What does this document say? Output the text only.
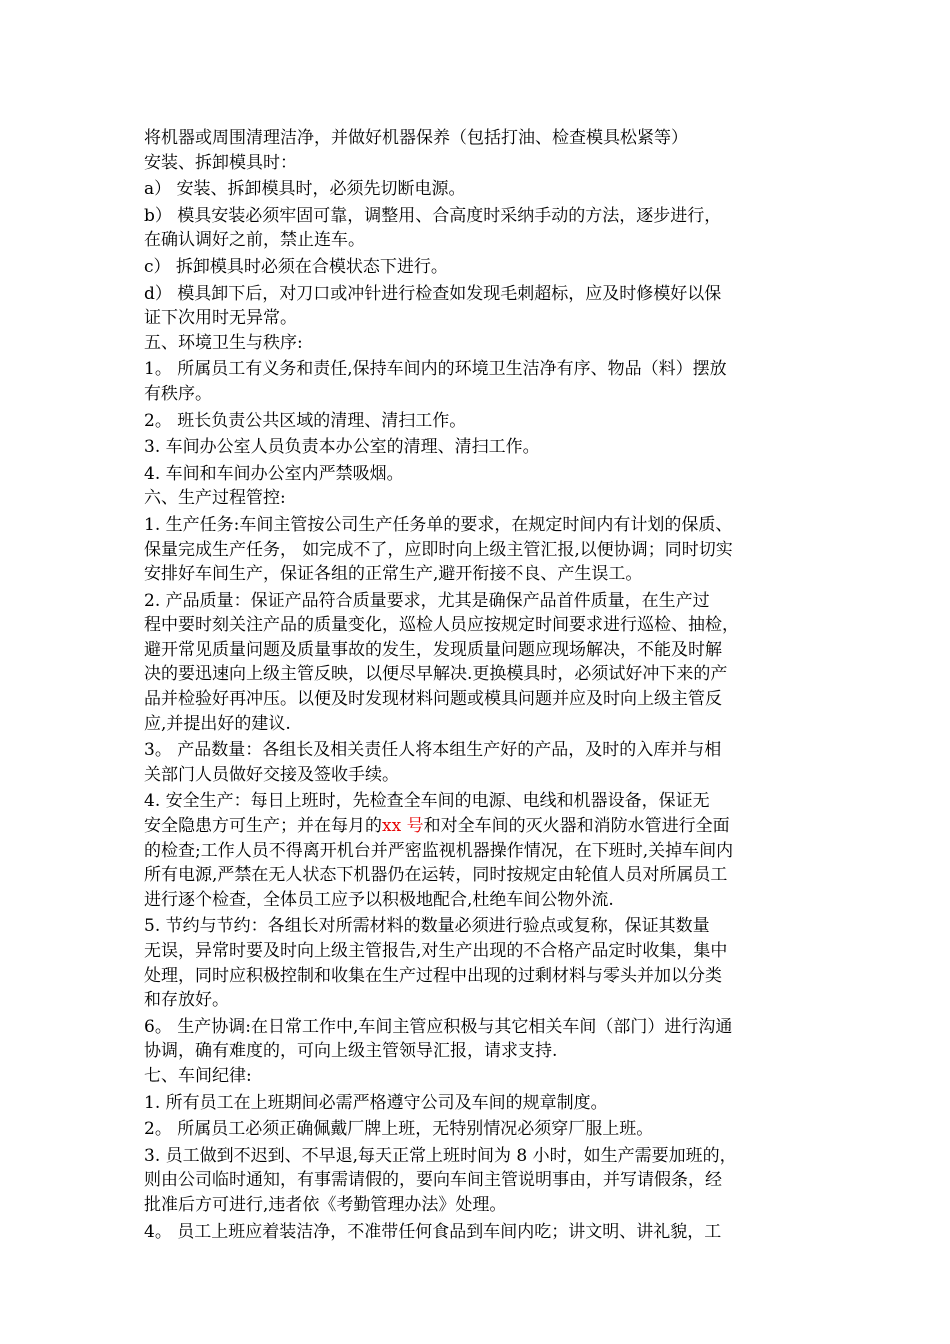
将机器或周围清理洁净，并做好机器保养（包括打油、检查模具松紧等）
安装、拆卸模具时：
a） 安装、拆卸模具时，必须先切断电源。
b） 模具安装必须牢固可靠，调整用、合高度时采纳手动的方法，逐步进行，
在确认调好之前，禁止连车。
c） 拆卸模具时必须在合模状态下进行。
d） 模具卸下后，对刀口或冲针进行检查如发现毛刺超标，应及时修模好以保
证下次用时无异常。
五、环境卫生与秩序:
1。 所属员工有义务和责任,保持车间内的环境卫生洁净有序、物品（料）摆放
有秩序。
2。 班长负责公共区域的清理、清扫工作。
3. 车间办公室人员负责本办公室的清理、清扫工作。
4. 车间和车间办公室内严禁吸烟。
六、生产过程管控:
1. 生产任务:车间主管按公司生产任务单的要求，在规定时间内有计划的保质、
保量完成生产任务， 如完成不了，应即时向上级主管汇报,以便协调；同时切实
安排好车间生产，保证各组的正常生产,避开衔接不良、产生误工。
2. 产品质量：保证产品符合质量要求，尤其是确保产品首件质量，在生产过
程中要时刻关注产品的质量变化，巡检人员应按规定时间要求进行巡检、抽检，
避开常见质量问题及质量事故的发生，发现质量问题应现场解决，不能及时解
决的要迅速向上级主管反映，以便尽早解决.更换模具时，必须试好冲下来的产
品并检验好再冲压。以便及时发现材料问题或模具问题并应及时向上级主管反
应,并提出好的建议.
3。 产品数量：各组长及相关责任人将本组生产好的产品，及时的入库并与相
关部门人员做好交接及签收手续。
4. 安全生产：每日上班时，先检查全车间的电源、电线和机器设备，保证无
安全隐患方可生产；并在每月的xx 号和对全车间的灭火器和消防水管进行全面
的检查;工作人员不得离开机台并严密监视机器操作情况，在下班时,关掉车间内
所有电源,严禁在无人状态下机器仍在运转，同时按规定由轮值人员对所属员工
进行逐个检查，全体员工应予以积极地配合,杜绝车间公物外流.
5. 节约与节约：各组长对所需材料的数量必须进行验点或复称，保证其数量
无误，异常时要及时向上级主管报告,对生产出现的不合格产品定时收集，集中
处理，同时应积极控制和收集在生产过程中出现的过剩材料与零头并加以分类
和存放好。
6。 生产协调:在日常工作中,车间主管应积极与其它相关车间（部门）进行沟通
协调，确有难度的，可向上级主管领导汇报，请求支持.
七、车间纪律:
1. 所有员工在上班期间必需严格遵守公司及车间的规章制度。
2。 所属员工必须正确佩戴厂牌上班，无特别情况必须穿厂服上班。
3. 员工做到不迟到、不早退,每天正常上班时间为 8 小时，如生产需要加班的，
则由公司临时通知，有事需请假的，要向车间主管说明事由，并写请假条，经
批准后方可进行,违者依《考勤管理办法》处理。
4。 员工上班应着装洁净，不准带任何食品到车间内吃；讲文明、讲礼貌，工
